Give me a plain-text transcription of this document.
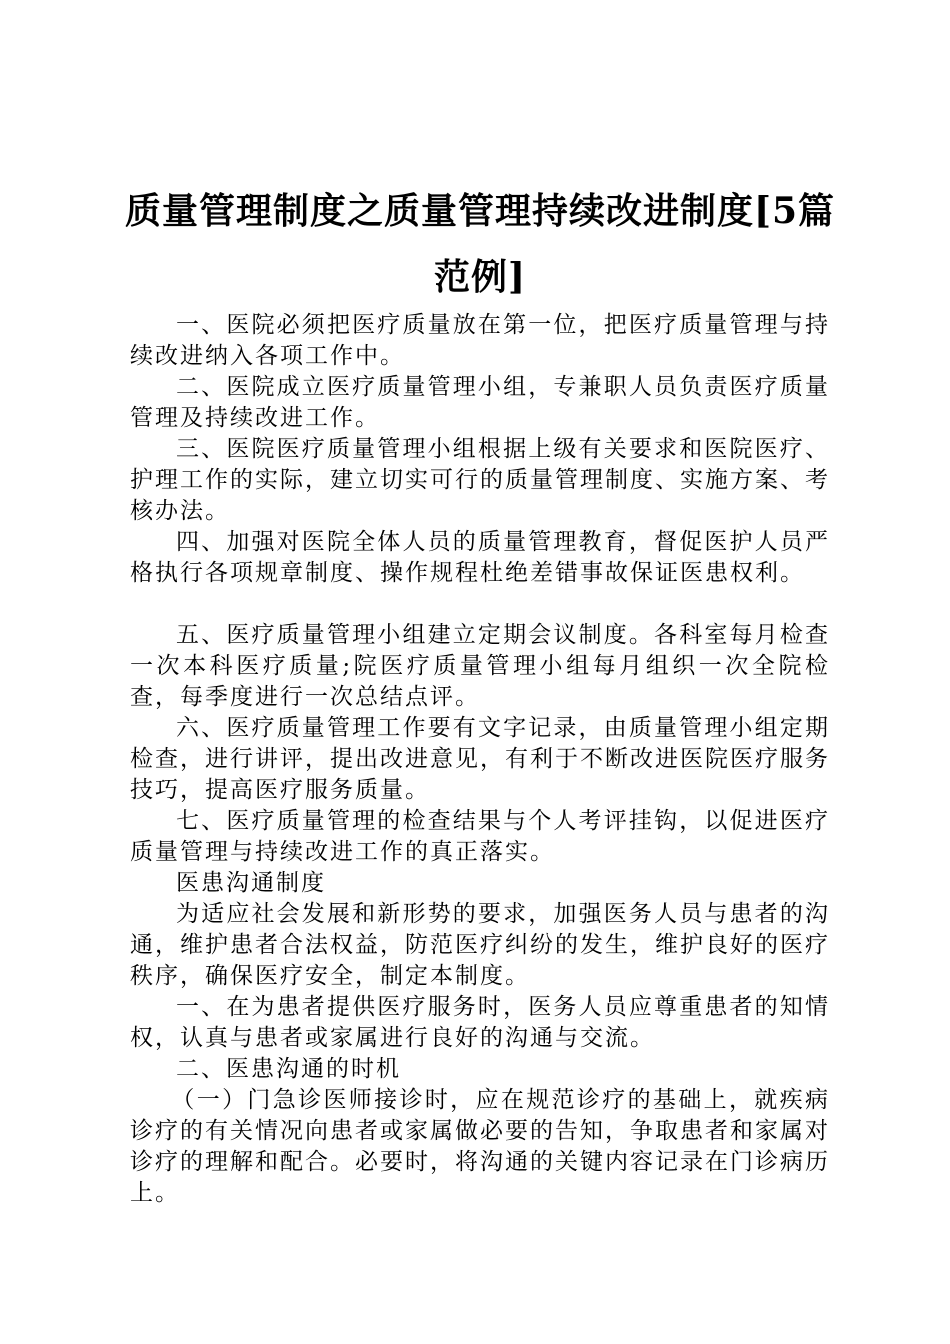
质量管理制度之质量管理持续改进制度[5篇范例]

一、医院必须把医疗质量放在第一位，把医疗质量管理与持续改进纳入各项工作中。

二、医院成立医疗质量管理小组，专兼职人员负责医疗质量管理及持续改进工作。

三、医院医疗质量管理小组根据上级有关要求和医院医疗、护理工作的实际，建立切实可行的质量管理制度、实施方案、考核办法。

四、加强对医院全体人员的质量管理教育，督促医护人员严格执行各项规章制度、操作规程杜绝差错事故保证医患权利。

五、医疗质量管理小组建立定期会议制度。各科室每月检查一次本科医疗质量;院医疗质量管理小组每月组织一次全院检查，每季度进行一次总结点评。

六、医疗质量管理工作要有文字记录，由质量管理小组定期检查，进行讲评，提出改进意见，有利于不断改进医院医疗服务技巧，提高医疗服务质量。

七、医疗质量管理的检查结果与个人考评挂钩，以促进医疗质量管理与持续改进工作的真正落实。

医患沟通制度

为适应社会发展和新形势的要求，加强医务人员与患者的沟通，维护患者合法权益，防范医疗纠纷的发生，维护良好的医疗秩序，确保医疗安全，制定本制度。

一、在为患者提供医疗服务时，医务人员应尊重患者的知情权，认真与患者或家属进行良好的沟通与交流。

二、医患沟通的时机

（一）门急诊医师接诊时，应在规范诊疗的基础上，就疾病诊疗的有关情况向患者或家属做必要的告知，争取患者和家属对诊疗的理解和配合。必要时，将沟通的关键内容记录在门诊病历上。
